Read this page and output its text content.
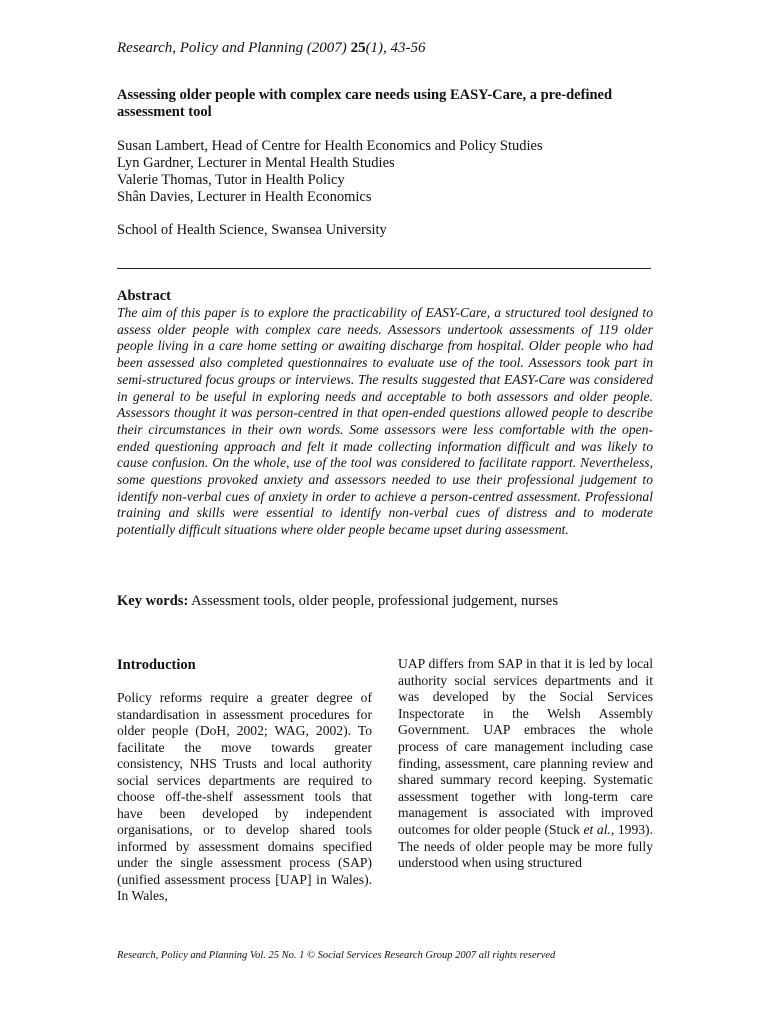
Research, Policy and Planning (2007) 25(1), 43-56
Assessing older people with complex care needs using EASY-Care, a pre-defined assessment tool
Susan Lambert, Head of Centre for Health Economics and Policy Studies
Lyn Gardner, Lecturer in Mental Health Studies
Valerie Thomas, Tutor in Health Policy
Shân Davies, Lecturer in Health Economics
School of Health Science, Swansea University
Abstract

The aim of this paper is to explore the practicability of EASY-Care, a structured tool designed to assess older people with complex care needs. Assessors undertook assessments of 119 older people living in a care home setting or awaiting discharge from hospital. Older people who had been assessed also completed questionnaires to evaluate use of the tool. Assessors took part in semi-structured focus groups or interviews. The results suggested that EASY-Care was considered in general to be useful in exploring needs and acceptable to both assessors and older people. Assessors thought it was person-centred in that open-ended questions allowed people to describe their circumstances in their own words. Some assessors were less comfortable with the open-ended questioning approach and felt it made collecting information difficult and was likely to cause confusion. On the whole, use of the tool was considered to facilitate rapport. Nevertheless, some questions provoked anxiety and assessors needed to use their professional judgement to identify non-verbal cues of anxiety in order to achieve a person-centred assessment. Professional training and skills were essential to identify non-verbal cues of distress and to moderate potentially difficult situations where older people became upset during assessment.

Key words: Assessment tools, older people, professional judgement, nurses
Introduction

Policy reforms require a greater degree of standardisation in assessment procedures for older people (DoH, 2002; WAG, 2002). To facilitate the move towards greater consistency, NHS Trusts and local authority social services departments are required to choose off-the-shelf assessment tools that have been developed by independent organisations, or to develop shared tools informed by assessment domains specified under the single assessment process (SAP) (unified assessment process [UAP] in Wales). In Wales,

UAP differs from SAP in that it is led by local authority social services departments and it was developed by the Social Services Inspectorate in the Welsh Assembly Government. UAP embraces the whole process of care management including case finding, assessment, care planning review and shared summary record keeping. Systematic assessment together with long-term care management is associated with improved outcomes for older people (Stuck et al., 1993). The needs of older people may be more fully understood when using structured

Research, Policy and Planning Vol. 25 No. 1 © Social Services Research Group 2007 all rights reserved
